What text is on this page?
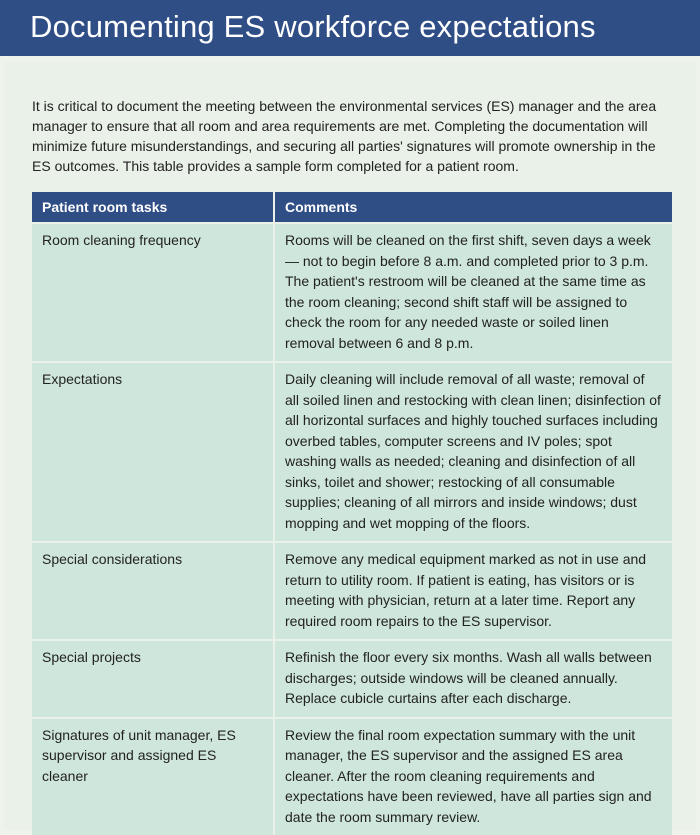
Documenting ES workforce expectations

It is critical to document the meeting between the environmental services (ES) manager and the area manager to ensure that all room and area requirements are met. Completing the documentation will minimize future misunderstandings, and securing all parties' signatures will promote ownership in the ES outcomes. This table provides a sample form completed for a patient room.

Patient room tasks	Comments
Room cleaning frequency	Rooms will be cleaned on the first shift, seven days a week — not to begin before 8 a.m. and completed prior to 3 p.m. The patient's restroom will be cleaned at the same time as the room cleaning; second shift staff will be assigned to check the room for any needed waste or soiled linen removal between 6 and 8 p.m.
Expectations	Daily cleaning will include removal of all waste; removal of all soiled linen and restocking with clean linen; disinfection of all horizontal surfaces and highly touched surfaces including overbed tables, computer screens and IV poles; spot washing walls as needed; cleaning and disinfection of all sinks, toilet and shower; restocking of all consumable supplies; cleaning of all mirrors and inside windows; dust mopping and wet mopping of the floors.
Special considerations	Remove any medical equipment marked as not in use and return to utility room. If patient is eating, has visitors or is meeting with physician, return at a later time. Report any required room repairs to the ES supervisor.
Special projects	Refinish the floor every six months. Wash all walls between discharges; outside windows will be cleaned annually. Replace cubicle curtains after each discharge.
Signatures of unit manager, ES supervisor and assigned ES cleaner	Review the final room expectation summary with the unit manager, the ES supervisor and the assigned ES area cleaner. After the room cleaning requirements and expectations have been reviewed, have all parties sign and date the room summary review.
